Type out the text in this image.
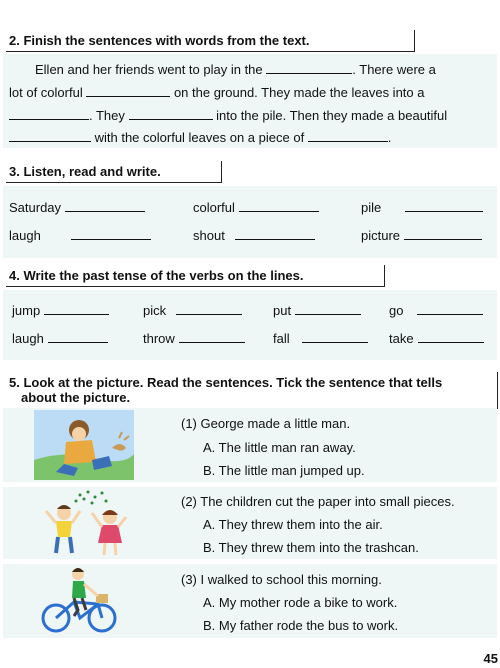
2. Finish the sentences with words from the text.
Ellen and her friends went to play in the	. There were a
lot of colorful	on the ground. They made the leaves into a
. They	into the pile. Then they made a beautiful
with the colorful leaves on a piece of	.
3. Listen, read and write.
Saturday	colorful	pile
laugh	shout	picture
4. Write the past tense of the verbs on the lines.
jump	pick	put	go
laugh	throw	fall	take
5. Look at the picture. Read the sentences. Tick the sentence that tells
about the picture.
(1) George made a little man.
A. The little man ran away.
B. The little man jumped up.
(2) The children cut the paper into small pieces.
A. They threw them into the air.
B. They threw them into the trashcan.
(3) I walked to school this morning.
A. My mother rode a bike to work.
B. My father rode the bus to work.
45
